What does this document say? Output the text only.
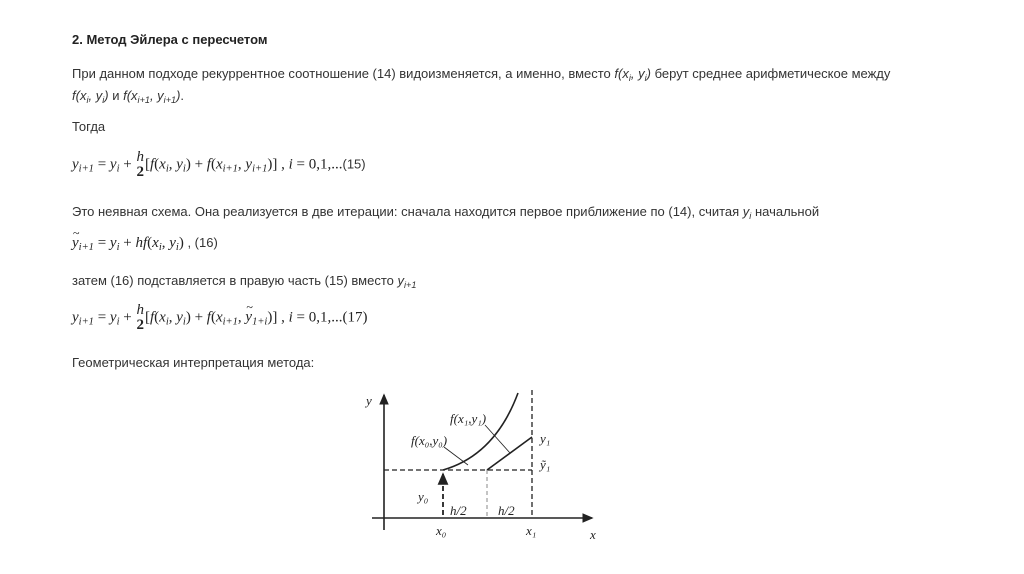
2. Метод Эйлера с пересчетом
При данном подходе рекуррентное соотношение (14) видоизменяется, а именно, вместо $f(x_i$, $y_i$) берут среднее арифметическое между
$f(x_i$, $y_i$) и $f(x_{i+1}$, $y_{i+1}$).
Тогда
$y_{i+1} = y_i + h$
2 [$f(x_i$, $y_i) + f(x_{i+1}$, $y_{i+1}$)] , i = 0,1,...(15)
Это неявная схема. Она реализуется в две итерации: сначала находится первое приближение по (14), считая $y_i$ начальной
~ $y_{i+1} = y_i + hf(x_i$, $y_i$) , (16)
затем (16) подставляется в правую часть (15) вместо $y_{i+1}$
$y_{i+1} = y_i + h$
2 [$f(x_i$, $y_i) + f(x_{i+1}$, ~ $y_{1+i}$)] , i = 0,1,...(17)
Геометрическая интерпретация метода:
y
x
f(x₁,y₁)
f(x₀,y₀)	y₁
ỹ₁
y₀
h/2 h/2
x₀	x₁
